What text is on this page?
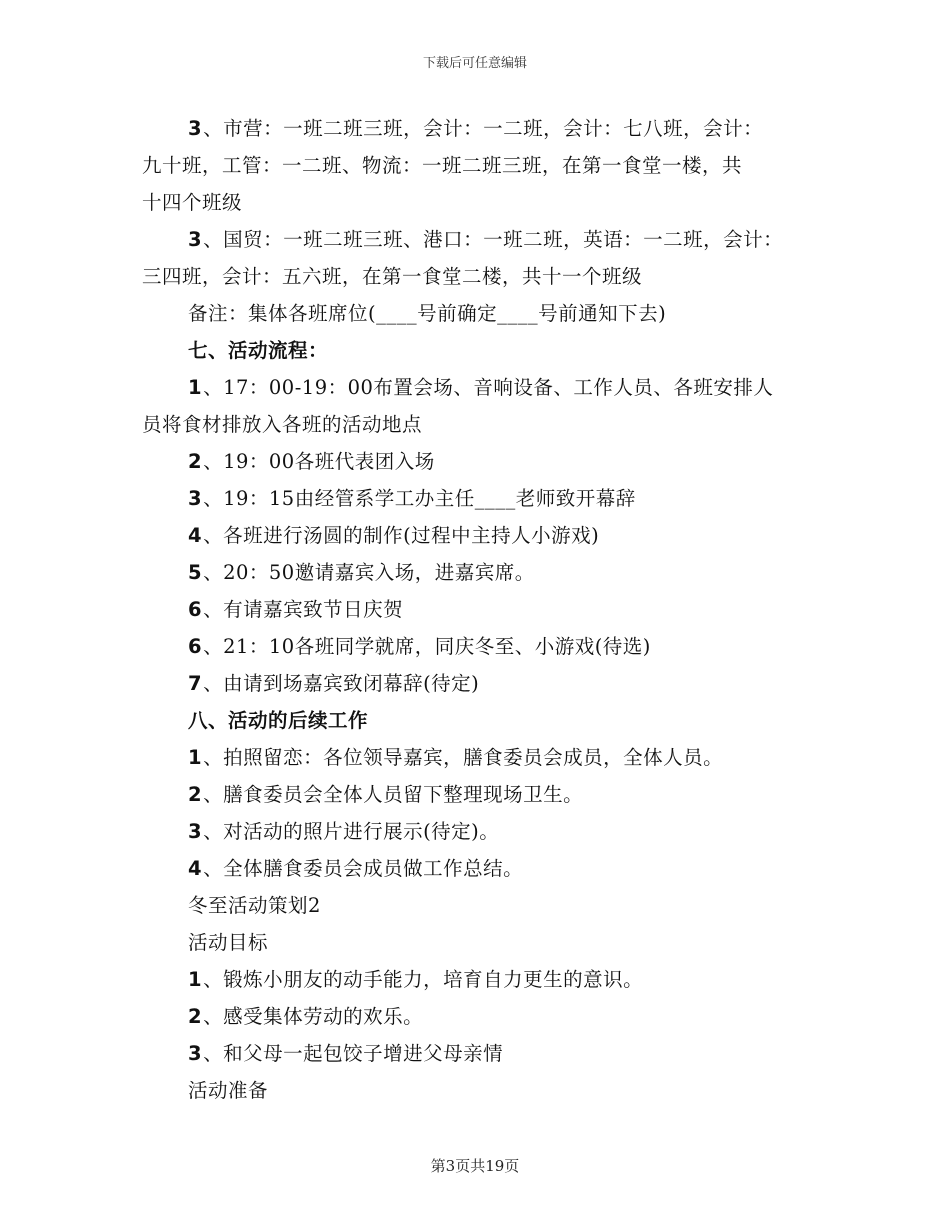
下载后可任意编辑
3、市营：一班二班三班，会计：一二班，会计：七八班，会计：
九十班，工管：一二班、物流：一班二班三班，在第一食堂一楼，共
十四个班级
3、国贸：一班二班三班、港口：一班二班，英语：一二班，会计：
三四班，会计：五六班，在第一食堂二楼，共十一个班级
备注：集体各班席位(____号前确定____号前通知下去)
七、活动流程：
1、17：00-19：00布置会场、音响设备、工作人员、各班安排人
员将食材排放入各班的活动地点
2、19：00各班代表团入场
3、19：15由经管系学工办主任____老师致开幕辞
4、各班进行汤圆的制作(过程中主持人小游戏)
5、20：50邀请嘉宾入场，进嘉宾席。
6、有请嘉宾致节日庆贺
6、21：10各班同学就席，同庆冬至、小游戏(待选)
7、由请到场嘉宾致闭幕辞(待定)
八、活动的后续工作
1、拍照留恋：各位领导嘉宾，膳食委员会成员，全体人员。
2、膳食委员会全体人员留下整理现场卫生。
3、对活动的照片进行展示(待定)。
4、全体膳食委员会成员做工作总结。
冬至活动策划2
活动目标
1、锻炼小朋友的动手能力，培育自力更生的意识。
2、感受集体劳动的欢乐。
3、和父母一起包饺子增进父母亲情
活动准备
第3页共19页
